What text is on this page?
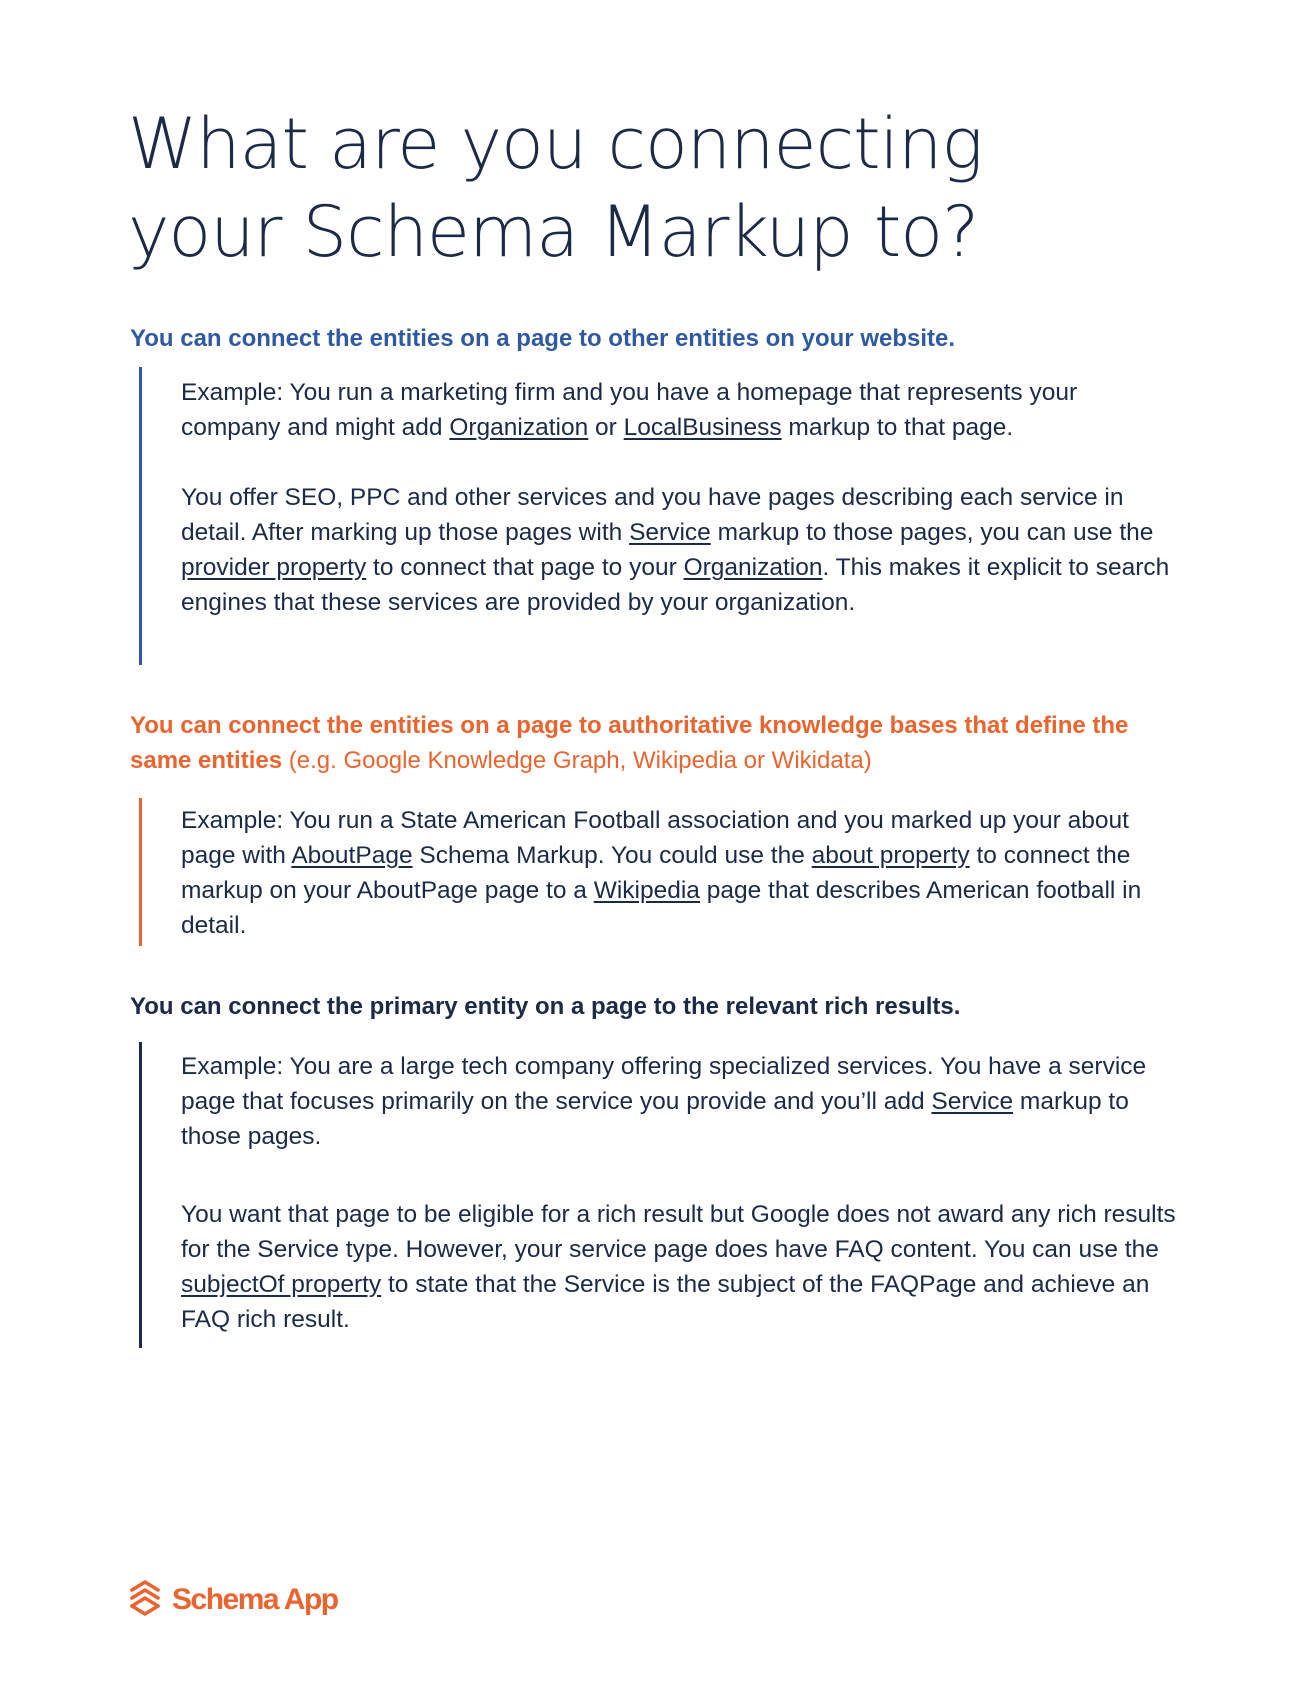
What are you connecting
your Schema Markup to?
You can connect the entities on a page to other entities on your website.

Example: You run a marketing firm and you have a homepage that represents your company and might add Organization or LocalBusiness markup to that page.

You offer SEO, PPC and other services and you have pages describing each service in detail. After marking up those pages with Service markup to those pages, you can use the provider property to connect that page to your Organization. This makes it explicit to search engines that these services are provided by your organization.

You can connect the entities on a page to authoritative knowledge bases that define the same entities (e.g. Google Knowledge Graph, Wikipedia or Wikidata)

Example: You run a State American Football association and you marked up your about page with AboutPage Schema Markup. You could use the about property to connect the markup on your AboutPage page to a Wikipedia page that describes American football in detail.

You can connect the primary entity on a page to the relevant rich results.

Example: You are a large tech company offering specialized services. You have a service page that focuses primarily on the service you provide and you’ll add Service markup to those pages.

You want that page to be eligible for a rich result but Google does not award any rich results for the Service type. However, your service page does have FAQ content. You can use the subjectOf property to state that the Service is the subject of the FAQPage and achieve an FAQ rich result.

Schema App
